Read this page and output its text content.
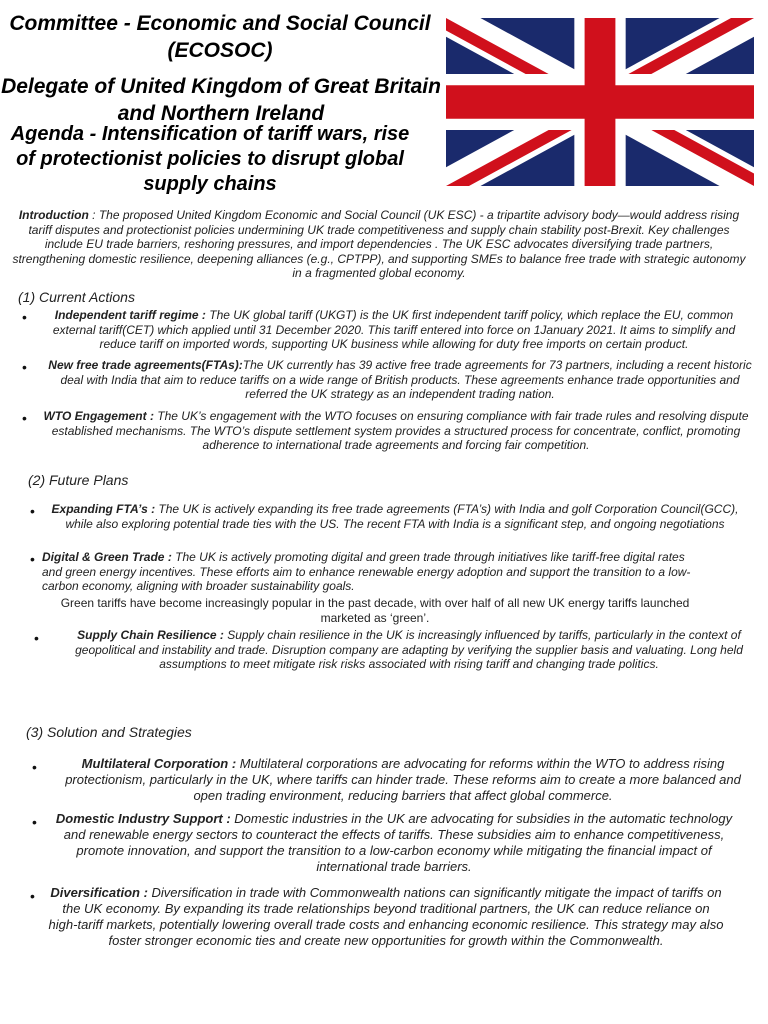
Committee - Economic and Social Council (ECOSOC)
Delegate of United Kingdom of Great Britain and Northern Ireland
Agenda - Intensification of tariff wars, rise of protectionist policies to disrupt global supply chains
Introduction : The proposed United Kingdom Economic and Social Council (UK ESC) - a tripartite advisory body—would address rising tariff disputes and protectionist policies undermining UK trade competitiveness and supply chain stability post-Brexit. Key challenges include EU trade barriers, reshoring pressures, and import dependencies . The UK ESC advocates diversifying trade partners, strengthening domestic resilience, deepening alliances (e.g., CPTPP), and supporting SMEs to balance free trade with strategic autonomy in a fragmented global economy.
(1) Current Actions
•	Independent tariff regime : The UK global tariff (UKGT) is the UK first independent tariff policy, which replace the EU, common external tariff(CET) which applied until 31 December 2020. This tariff entered into force on 1January 2021. It aims to simplify and reduce tariff on imported words, supporting UK business while allowing for duty free imports on certain product.
•	New free trade agreements(FTAs):The UK currently has 39 active free trade agreements for 73 partners, including a recent historic deal with India that aim to reduce tariffs on a wide range of British products. These agreements enhance trade opportunities and referred the UK strategy as an independent trading nation.
•	WTO Engagement : The UK’s engagement with the WTO focuses on ensuring compliance with fair trade rules and resolving dispute established mechanisms. The WTO’s dispute settlement system provides a structured process for concentrate, conflict, promoting adherence to international trade agreements and forcing fair competition.
(2) Future Plans
• Expanding FTA’s : The UK is actively expanding its free trade agreements (FTA’s) with India and golf Corporation Council(GCC), while also exploring potential trade ties with the US. The recent FTA with India is a significant step, and ongoing negotiations
• Digital & Green Trade : The UK is actively promoting digital and green trade through initiatives like tariff-free digital rates and green energy incentives. These efforts aim to enhance renewable energy adoption and support the transition to a low-carbon economy, aligning with broader sustainability goals.
Green tariffs have become increasingly popular in the past decade, with over half of all new UK energy tariffs launched marketed as ‘green’.
•	Supply Chain Resilience : Supply chain resilience in the UK is increasingly influenced by tariffs, particularly in the context of geopolitical and instability and trade. Disruption company are adapting by verifying the supplier basis and valuating. Long held assumptions to meet mitigate risk risks associated with rising tariff and changing trade politics.
(3) Solution and Strategies
•	Multilateral Corporation : Multilateral corporations are advocating for reforms within the WTO to address rising protectionism, particularly in the UK, where tariffs can hinder trade. These reforms aim to create a more balanced and open trading environment, reducing barriers that affect global commerce.
•	Domestic Industry Support : Domestic industries in the UK are advocating for subsidies in the automatic technology and renewable energy sectors to counteract the effects of tariffs. These subsidies aim to enhance competitiveness, promote innovation, and support the transition to a low-carbon economy while mitigating the financial impact of international trade barriers.
• Diversification : Diversification in trade with Commonwealth nations can significantly mitigate the impact of tariffs on the UK economy. By expanding its trade relationships beyond traditional partners, the UK can reduce reliance on high-tariff markets, potentially lowering overall trade costs and enhancing economic resilience. This strategy may also foster stronger economic ties and create new opportunities for growth within the Commonwealth.
